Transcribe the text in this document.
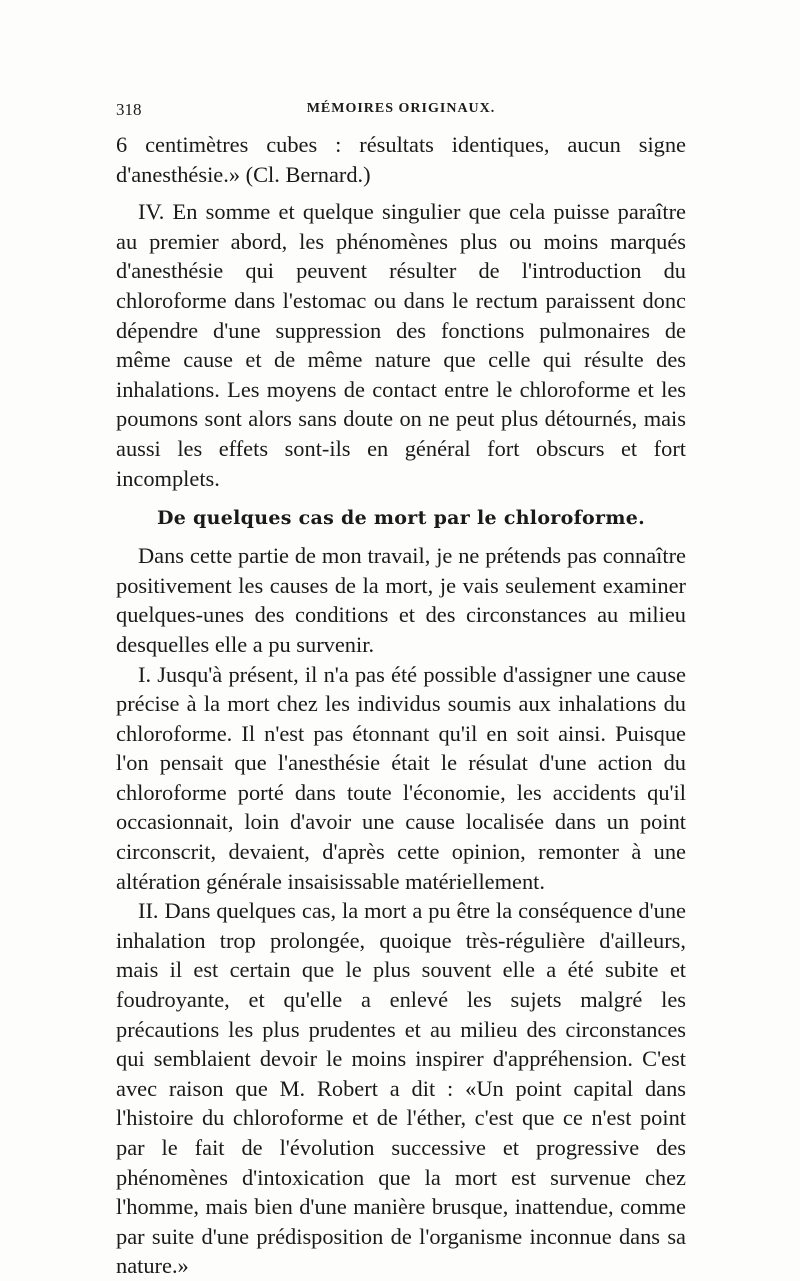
318	MÉMOIRES ORIGINAUX.

6 centimètres cubes : résultats identiques, aucun signe d'anesthésie.» (Cl. Bernard.)

IV. En somme et quelque singulier que cela puisse paraître au premier abord, les phénomènes plus ou moins marqués d'anesthésie qui peuvent résulter de l'introduction du chloroforme dans l'estomac ou dans le rectum paraissent donc dépendre d'une suppression des fonctions pulmonaires de même cause et de même nature que celle qui résulte des inhalations. Les moyens de contact entre le chloroforme et les poumons sont alors sans doute on ne peut plus détournés, mais aussi les effets sont-ils en général fort obscurs et fort incomplets.

De quelques cas de mort par le chloroforme.

Dans cette partie de mon travail, je ne prétends pas connaître positivement les causes de la mort, je vais seulement examiner quelques-unes des conditions et des circonstances au milieu desquelles elle a pu survenir.

I. Jusqu'à présent, il n'a pas été possible d'assigner une cause précise à la mort chez les individus soumis aux inhalations du chloroforme. Il n'est pas étonnant qu'il en soit ainsi. Puisque l'on pensait que l'anesthésie était le résulat d'une action du chloroforme porté dans toute l'économie, les accidents qu'il occasionnait, loin d'avoir une cause localisée dans un point circonscrit, devaient, d'après cette opinion, remonter à une altération générale insaisissable matériellement.

II. Dans quelques cas, la mort a pu être la conséquence d'une inhalation trop prolongée, quoique très-régulière d'ailleurs, mais il est certain que le plus souvent elle a été subite et foudroyante, et qu'elle a enlevé les sujets malgré les précautions les plus prudentes et au milieu des circonstances qui semblaient devoir le moins inspirer d'appréhension. C'est avec raison que M. Robert a dit : «Un point capital dans l'histoire du chloroforme et de l'éther, c'est que ce n'est point par le fait de l'évolution successive et progressive des phénomènes d'intoxication que la mort est survenue chez l'homme, mais bien d'une manière brusque, inattendue, comme par suite d'une prédisposition de l'organisme inconnue dans sa nature.»
